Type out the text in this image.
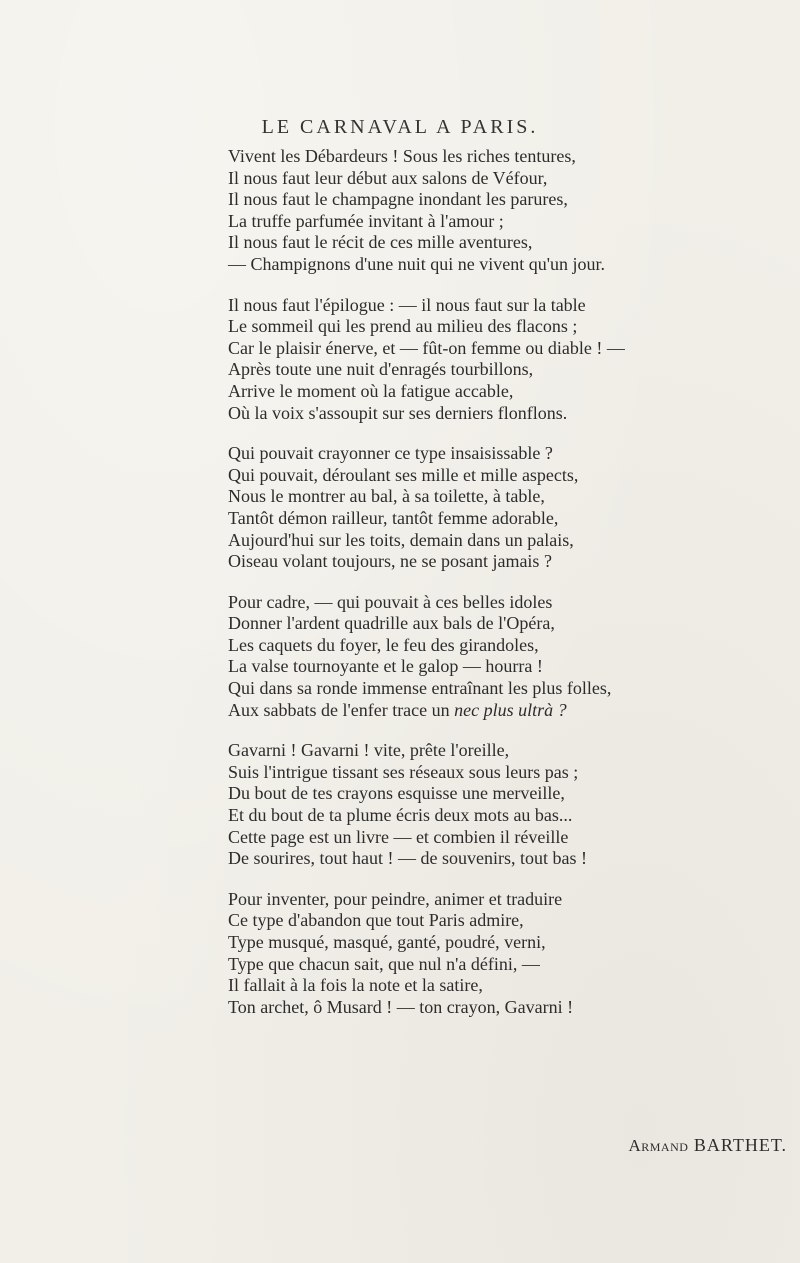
LE CARNAVAL A PARIS.
Vivent les Débardeurs ! Sous les riches tentures,
Il nous faut leur début aux salons de Véfour,
Il nous faut le champagne inondant les parures,
La truffe parfumée invitant à l'amour ;
Il nous faut le récit de ces mille aventures,
— Champignons d'une nuit qui ne vivent qu'un jour.
Il nous faut l'épilogue : — il nous faut sur la table
Le sommeil qui les prend au milieu des flacons ;
Car le plaisir énerve, et — fût-on femme ou diable ! —
Après toute une nuit d'enragés tourbillons,
Arrive le moment où la fatigue accable,
Où la voix s'assoupit sur ses derniers flonflons.
Qui pouvait crayonner ce type insaisissable ?
Qui pouvait, déroulant ses mille et mille aspects,
Nous le montrer au bal, à sa toilette, à table,
Tantôt démon railleur, tantôt femme adorable,
Aujourd'hui sur les toits, demain dans un palais,
Oiseau volant toujours, ne se posant jamais ?
Pour cadre, — qui pouvait à ces belles idoles
Donner l'ardent quadrille aux bals de l'Opéra,
Les caquets du foyer, le feu des girandoles,
La valse tournoyante et le galop — hourra !
Qui dans sa ronde immense entraînant les plus folles,
Aux sabbats de l'enfer trace un nec plus ultrà ?
Gavarni ! Gavarni ! vite, prête l'oreille,
Suis l'intrigue tissant ses réseaux sous leurs pas ;
Du bout de tes crayons esquisse une merveille,
Et du bout de ta plume écris deux mots au bas...
Cette page est un livre — et combien il réveille
De sourires, tout haut ! — de souvenirs, tout bas !
Pour inventer, pour peindre, animer et traduire
Ce type d'abandon que tout Paris admire,
Type musqué, masqué, ganté, poudré, verni,
Type que chacun sait, que nul n'a défini, —
Il fallait à la fois la note et la satire,
Ton archet, ô Musard ! — ton crayon, Gavarni !
Armand BARTHET.
